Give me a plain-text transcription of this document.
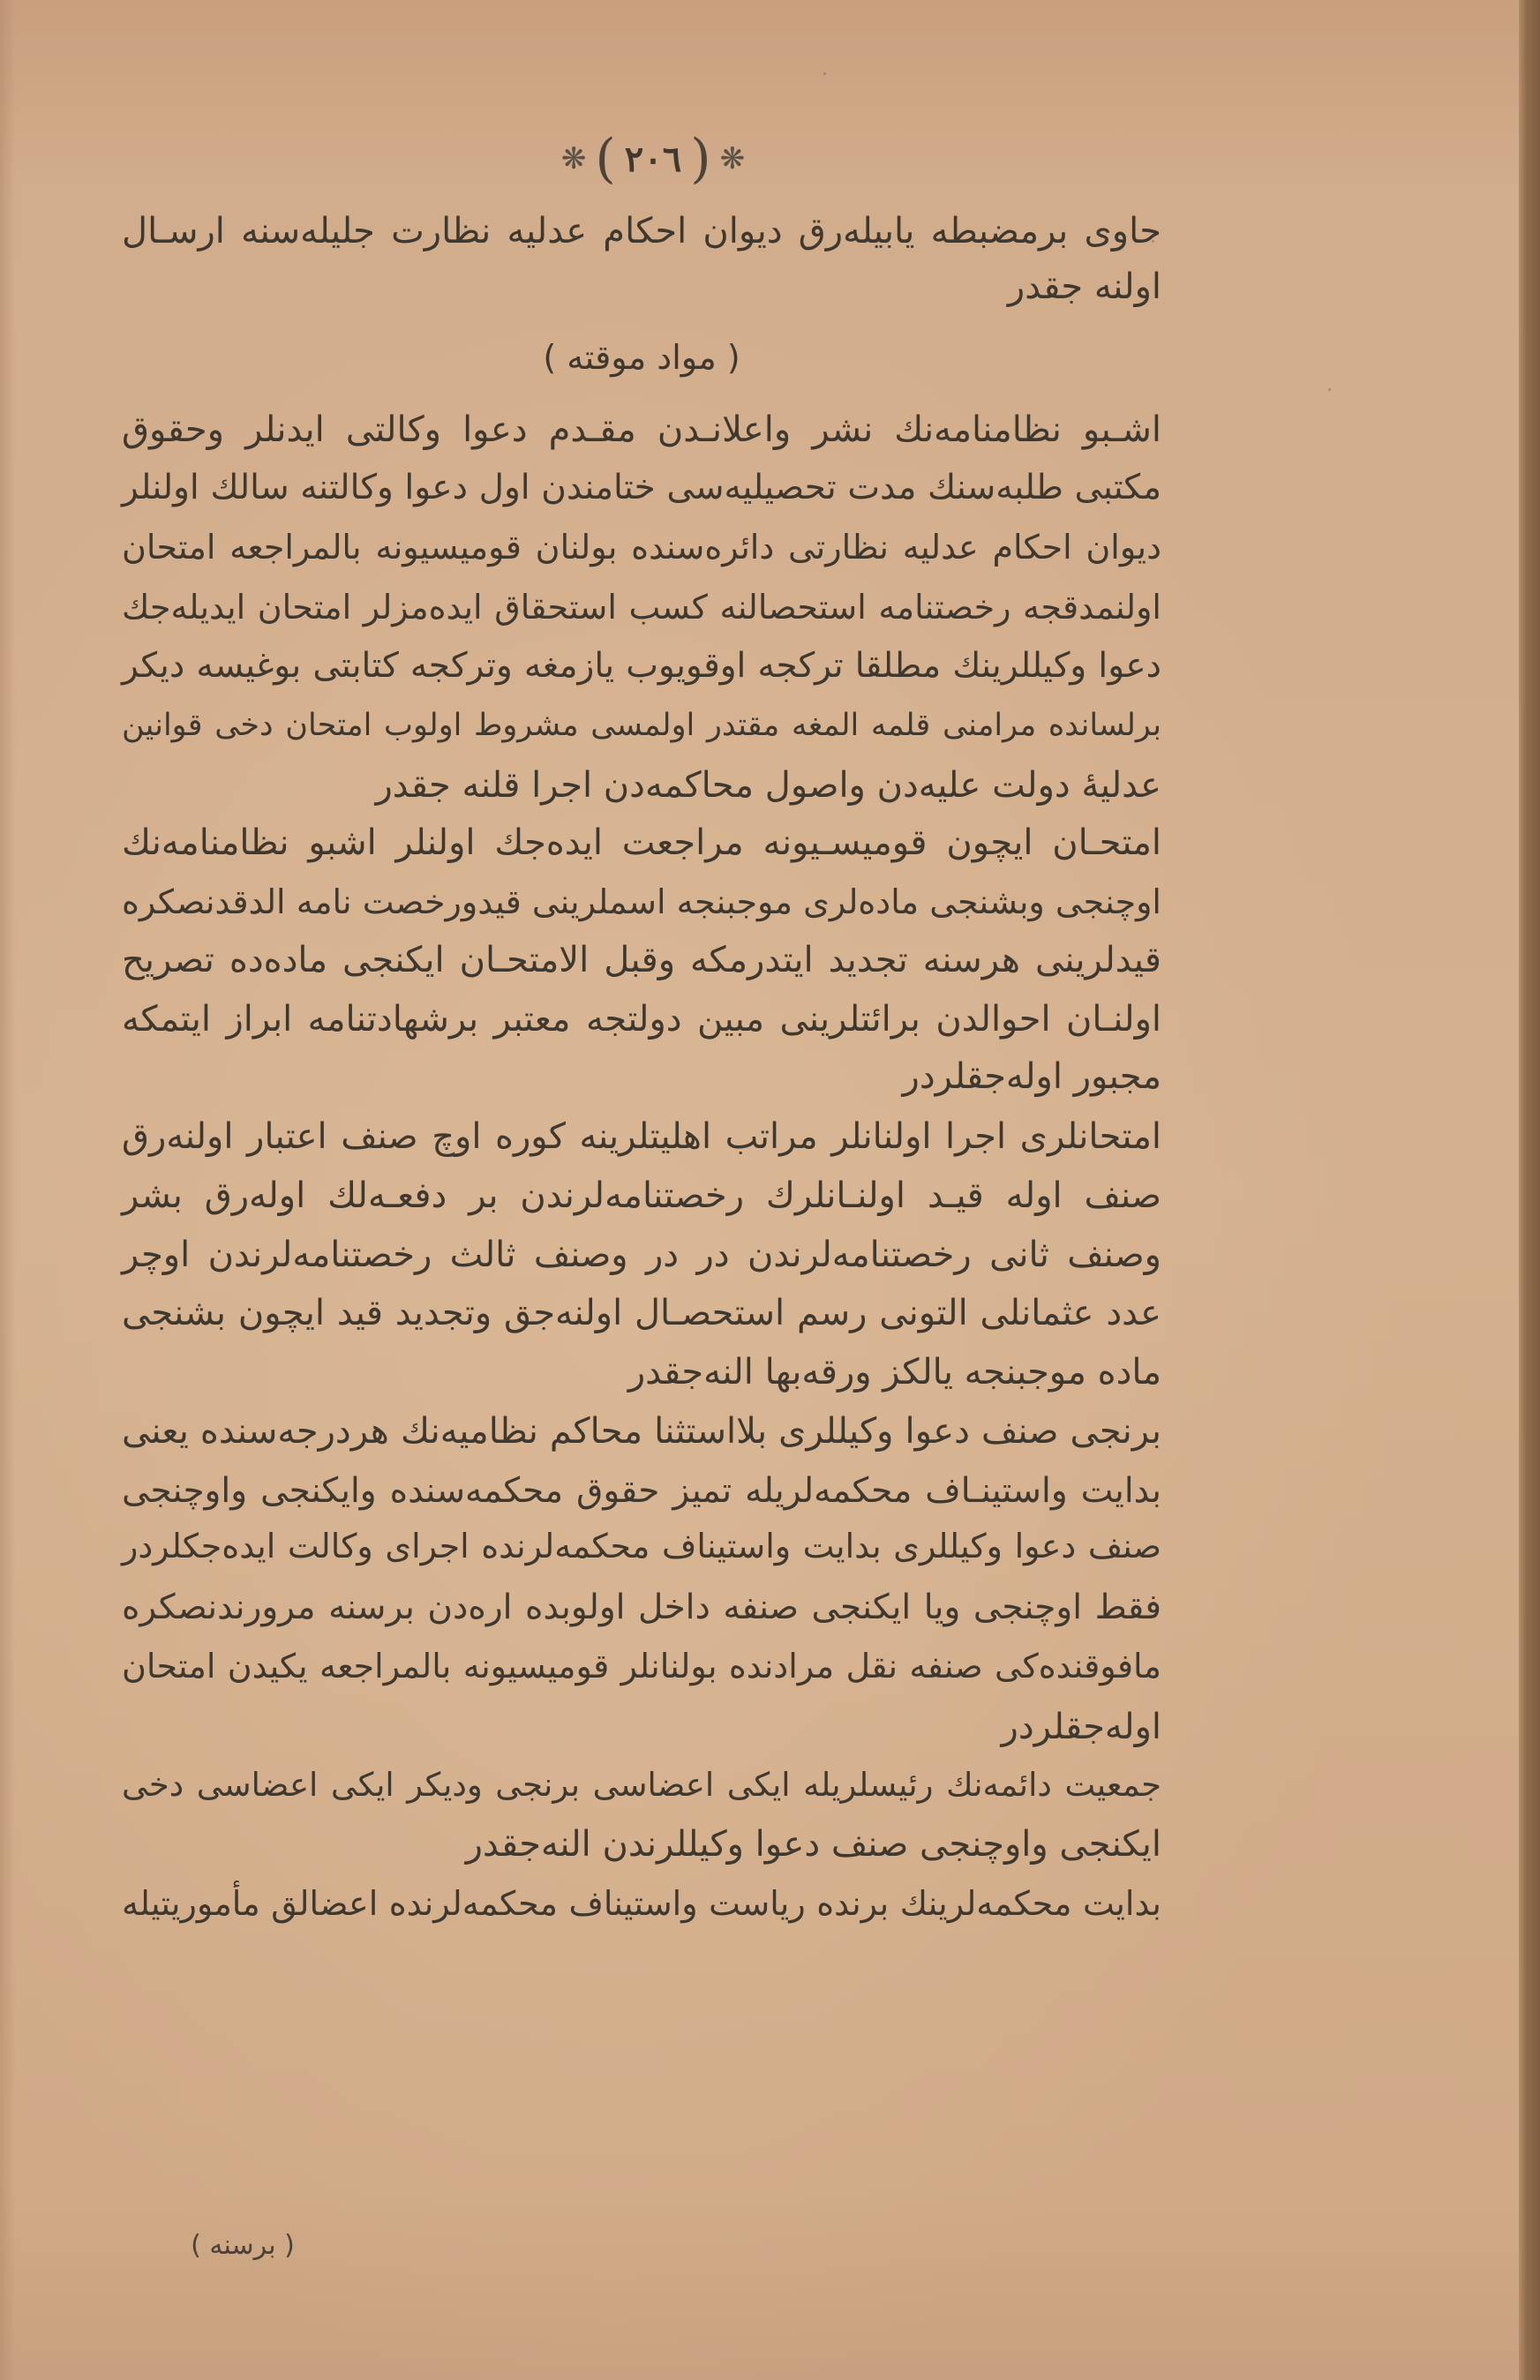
❋ ( ٢٠٦ ) ❋
( مواد موقته )
حاوى برمضبطه يابيلەرق ديوان احكام عدليه نظارت جليلەسنه ارسـال
اولنه جقدر
اشـبو نظامنامه‌نك نشر واعلانـدن مقـدم دعوا وكالتى ايدنلر وحقوق
مكتبى طلبه‌سنك مدت تحصيليه‌سى ختامندن اول دعوا وكالتنه سالك اولنلر
ديوان احكام عدليه نظارتى دائره‌سنده بولنان قوميسيونه بالمراجعه امتحان
اولنمدقجه رخصتنامه استحصالنه كسب استحقاق ايده‌مزلر امتحان ايديله‌جك
دعوا وكيللرينك مطلقا تركجه اوقويوب يازمغه وتركجه كتابتى بوغيسه ديكر
برلسانده مرامنى قلمه المغه مقتدر اولمسى مشروط اولوب امتحان دخى قوانين
عدليهٔ دولت عليه‌دن واصول محاكمه‌دن اجرا قلنه جقدر
امتحـان ايچون قوميسـيونه مراجعت ايده‌جك اولنلر اشبو نظامنامه‌نك
اوچنجى وبشنجى ماده‌لرى موجبنجه اسملرينى قيدورخصت نامه الدقدنصكره
قيدلرينى هرسنه تجديد ايتدرمكه وقبل الامتحـان ايكنجى ماده‌ده تصريح
اولنـان احوالدن برائتلرينى مبين دولتجه معتبر برشهادتنامه ابراز ايتمكه
مجبور اوله‌جقلردر
امتحانلرى اجرا اولنانلر مراتب اهليتلرينه كوره اوچ صنف اعتبار اولنه‌رق
صنف اوله قيـد اولنـانلرك رخصتنامه‌لرندن بر دفعـه‌لك اوله‌رق بشر
وصنف ثانى رخصتنامه‌لرندن در در وصنف ثالث رخصتنامه‌لرندن اوچر
عدد عثمانلى التونى رسم استحصـال اولنه‌جق وتجديد قيد ايچون بشنجى
ماده موجبنجه يالكز ورقه‌بها النه‌جقدر
برنجى صنف دعوا وكيللرى بلااستثنا محاكم نظاميه‌نك هردرجه‌سنده يعنى
بدايت واستينـاف محكمه‌لريله تميز حقوق محكمه‌سنده وايكنجى واوچنجى
صنف دعوا وكيللرى بدايت واستيناف محكمه‌لرنده اجراى وكالت ايده‌جكلردر
فقط اوچنجى ويا ايكنجى صنفه داخل اولوبده ارەدن برسنه مرورندنصكره
مافوقنده‌كى صنفه نقل مرادنده بولنانلر قوميسيونه بالمراجعه يكيدن امتحان
اوله‌جقلردر
جمعيت دائمه‌نك رئيسلريله ايكى اعضاسى برنجى وديكر ايكى اعضاسى دخى
ايكنجى واوچنجى صنف دعوا وكيللرندن النه‌جقدر
بدايت محكمه‌لرينك برنده رياست واستيناف محكمه‌لرنده اعضالق مأموريتيله
( برسنه )
